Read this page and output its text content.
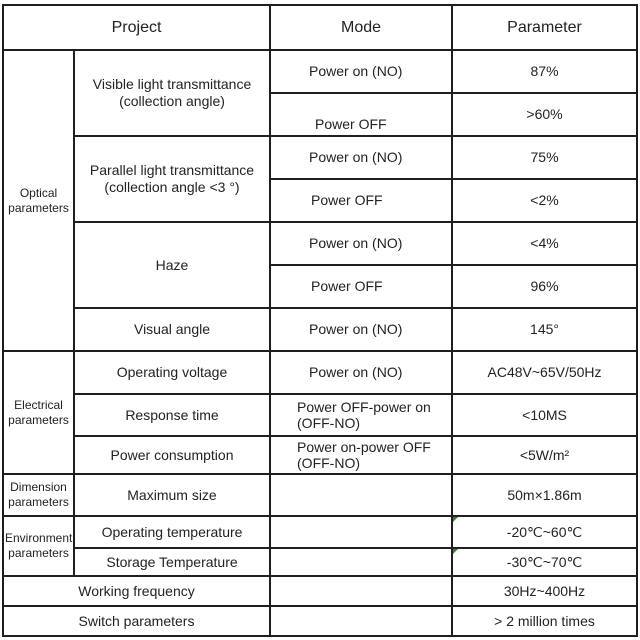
Project		Mode	Parameter
Optical parameters	Visible light transmittance (collection angle)	Power on (NO)	87%
		Power OFF	>60%
	Parallel light transmittance (collection angle <3 °)	Power on (NO)	75%
		Power OFF	<2%
	Haze	Power on (NO)	<4%
		Power OFF	96%
	Visual angle	Power on (NO)	145°
Electrical parameters	Operating voltage	Power on (NO)	AC48V~65V/50Hz
	Response time	Power OFF-power on (OFF-NO)	<10MS
	Power consumption	Power on-power OFF (OFF-NO)	<5W/m²
Dimension parameters	Maximum size		50m×1.86m
Environment parameters	Operating temperature		-20℃~60℃
	Storage Temperature		-30℃~70℃
Working frequency			30Hz~400Hz
Switch parameters			> 2 million times
